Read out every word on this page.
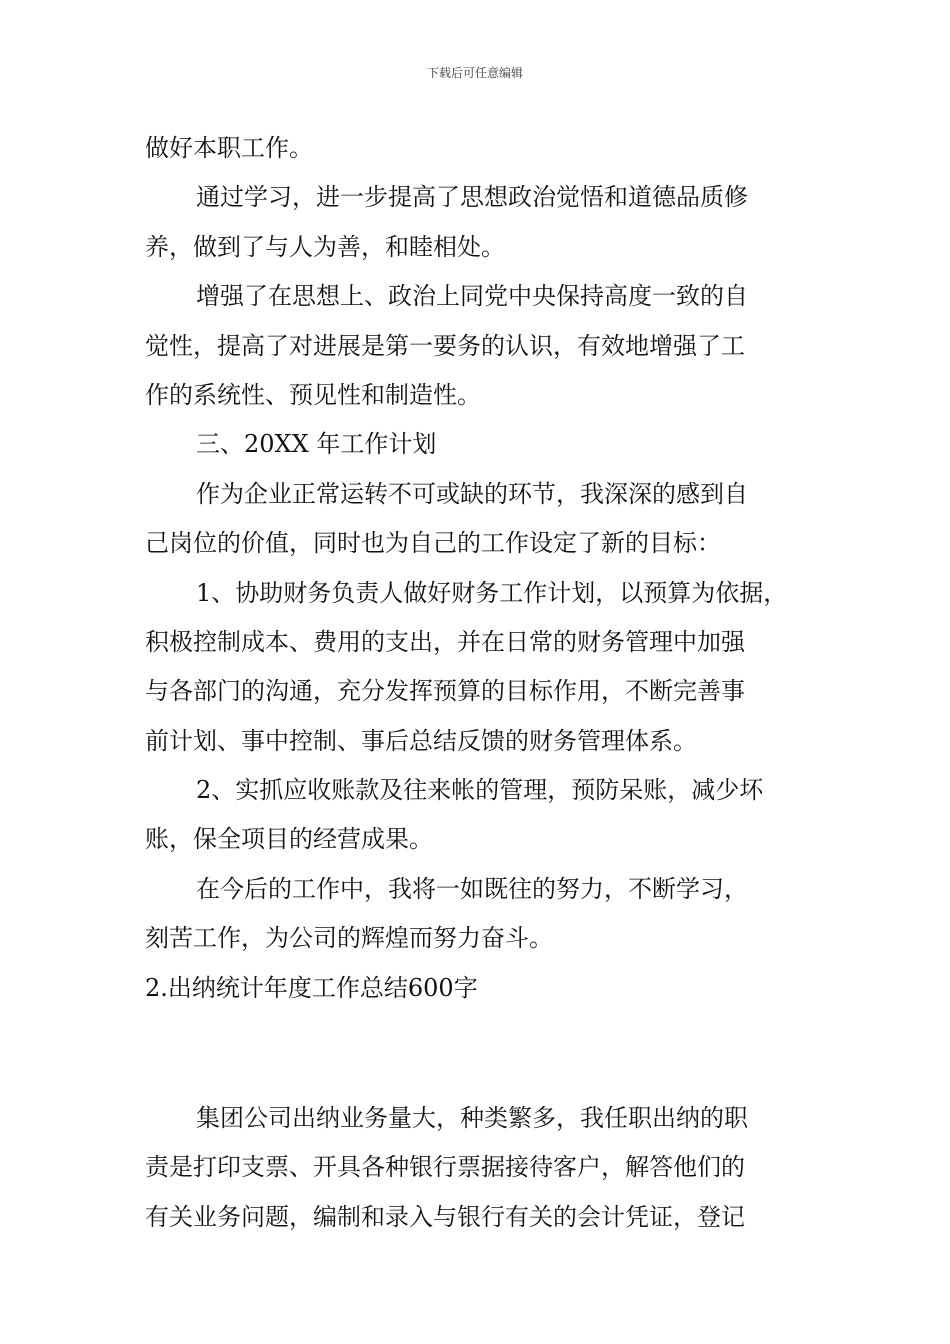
下载后可任意编辑

做好本职工作。

通过学习，进一步提高了思想政治觉悟和道德品质修

养，做到了与人为善，和睦相处。

增强了在思想上、政治上同党中央保持高度一致的自

觉性，提高了对进展是第一要务的认识，有效地增强了工

作的系统性、预见性和制造性。

三、20XX 年工作计划

作为企业正常运转不可或缺的环节，我深深的感到自

己岗位的价值，同时也为自己的工作设定了新的目标：

1、协助财务负责人做好财务工作计划，以预算为依据，

积极控制成本、费用的支出，并在日常的财务管理中加强

与各部门的沟通，充分发挥预算的目标作用，不断完善事

前计划、事中控制、事后总结反馈的财务管理体系。

2、实抓应收账款及往来帐的管理，预防呆账，减少坏

账，保全项目的经营成果。

在今后的工作中，我将一如既往的努力，不断学习，

刻苦工作，为公司的辉煌而努力奋斗。

2.出纳统计年度工作总结600字

集团公司出纳业务量大，种类繁多，我任职出纳的职

责是打印支票、开具各种银行票据接待客户，解答他们的

有关业务问题，编制和录入与银行有关的会计凭证，登记
